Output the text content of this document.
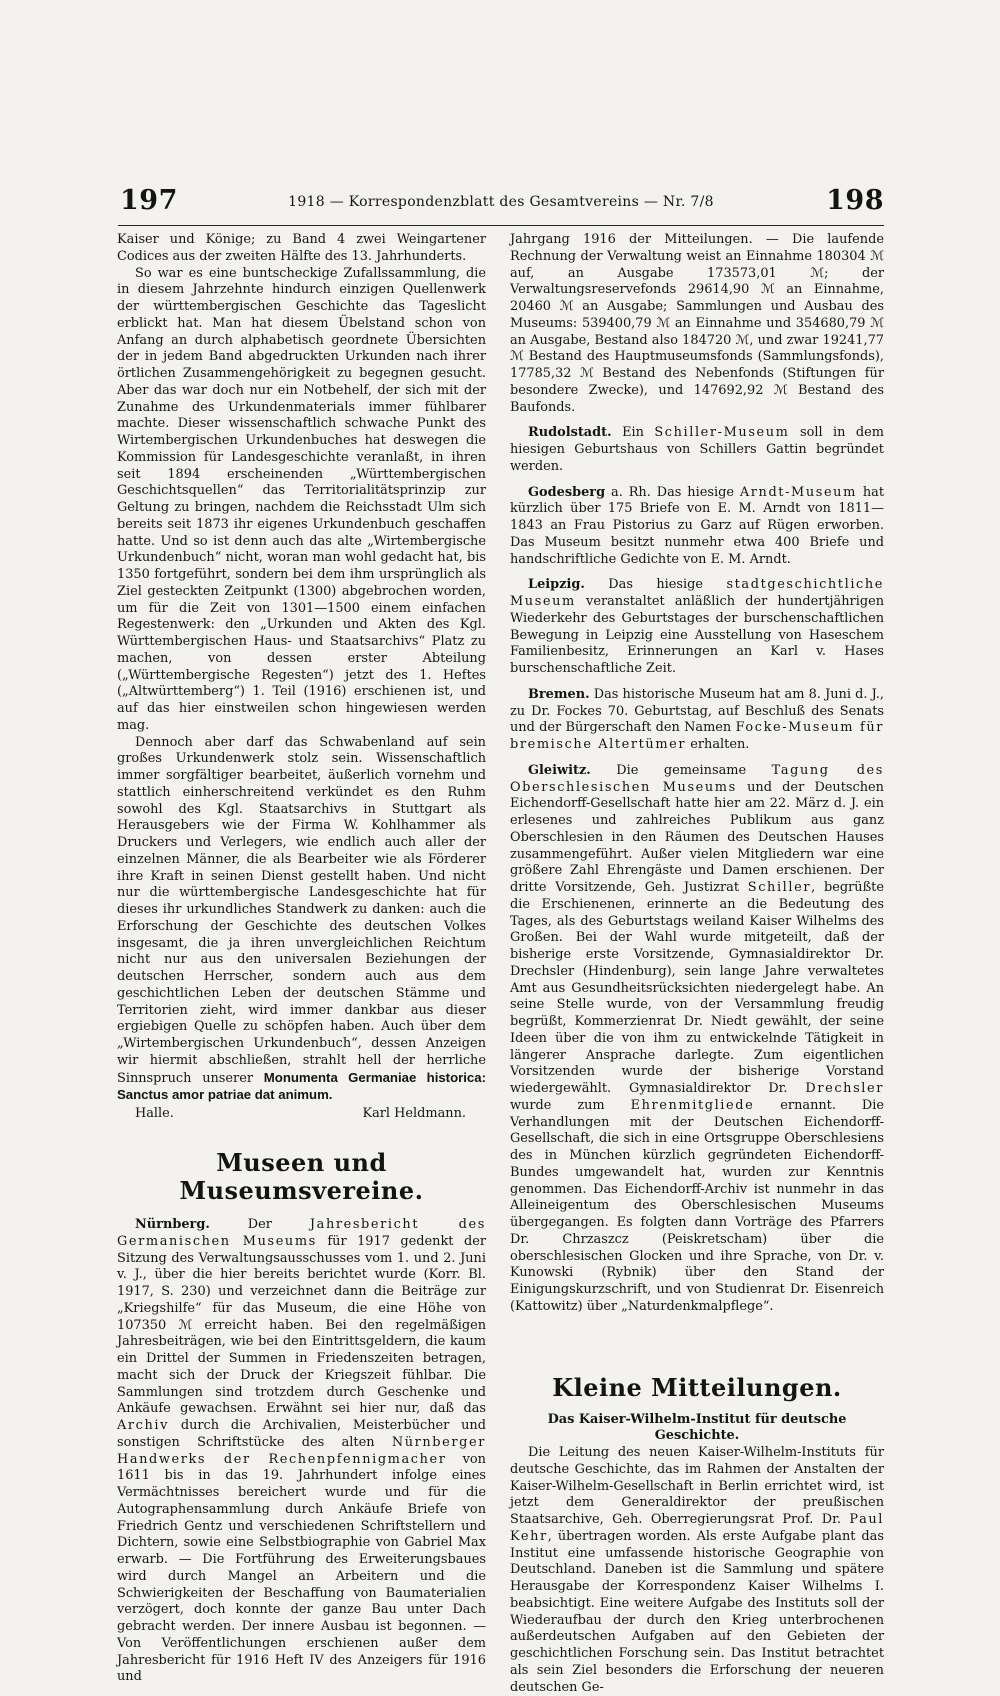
197	1918 — Korrespondenzblatt des Gesamtvereins — Nr. 7/8	198

Kaiser und Könige; zu Band 4 zwei Weingartener Codices aus der zweiten Hälfte des 13. Jahrhunderts.

So war es eine buntscheckige Zufallssammlung, die in diesem Jahrzehnte hindurch einzigen Quellenwerk der württembergischen Geschichte das Tageslicht erblickt hat. Man hat diesem Übelstand schon von Anfang an durch alphabetisch geordnete Übersichten der in jedem Band abgedruckten Urkunden nach ihrer örtlichen Zusammengehörigkeit zu begegnen gesucht. Aber das war doch nur ein Notbehelf, der sich mit der Zunahme des Urkundenmaterials immer fühlbarer machte. Dieser wissenschaftlich schwache Punkt des Wirtembergischen Urkundenbuches hat deswegen die Kommission für Landesgeschichte veranlaßt, in ihren seit 1894 erscheinenden „Württembergischen Geschichtsquellen“ das Territorialitätsprinzip zur Geltung zu bringen, nachdem die Reichsstadt Ulm sich bereits seit 1873 ihr eigenes Urkundenbuch geschaffen hatte. Und so ist denn auch das alte „Wirtembergische Urkundenbuch“ nicht, woran man wohl gedacht hat, bis 1350 fortgeführt, sondern bei dem ihm ursprünglich als Ziel gesteckten Zeitpunkt (1300) abgebrochen worden, um für die Zeit von 1301—1500 einem einfachen Regestenwerk: den „Urkunden und Akten des Kgl. Württembergischen Haus- und Staatsarchivs“ Platz zu machen, von dessen erster Abteilung („Württembergische Regesten“) jetzt des 1. Heftes („Altwürttemberg“) 1. Teil (1916) erschienen ist, und auf das hier einstweilen schon hingewiesen werden mag.

Dennoch aber darf das Schwabenland auf sein großes Urkundenwerk stolz sein. Wissenschaftlich immer sorgfältiger bearbeitet, äußerlich vornehm und stattlich einherschreitend verkündet es den Ruhm sowohl des Kgl. Staatsarchivs in Stuttgart als Herausgebers wie der Firma W. Kohlhammer als Druckers und Verlegers, wie endlich auch aller der einzelnen Männer, die als Bearbeiter wie als Förderer ihre Kraft in seinen Dienst gestellt haben. Und nicht nur die württembergische Landesgeschichte hat für dieses ihr urkundliches Standwerk zu danken: auch die Erforschung der Geschichte des deutschen Volkes insgesamt, die ja ihren unvergleichlichen Reichtum nicht nur aus den universalen Beziehungen der deutschen Herrscher, sondern auch aus dem geschichtlichen Leben der deutschen Stämme und Territorien zieht, wird immer dankbar aus dieser ergiebigen Quelle zu schöpfen haben. Auch über dem „Wirtembergischen Urkundenbuch“, dessen Anzeigen wir hiermit abschließen, strahlt hell der herrliche Sinnspruch unserer Monumenta Germaniae historica: Sanctus amor patriae dat animum.

Halle.	Karl Heldmann.
Museen und Museumsvereine.

Nürnberg. Der Jahresbericht des Germanischen Museums für 1917 gedenkt der Sitzung des Verwaltungsausschusses vom 1. und 2. Juni v. J., über die hier bereits berichtet wurde (Korr. Bl. 1917, S. 230) und verzeichnet dann die Beiträge zur „Kriegshilfe“ für das Museum, die eine Höhe von 107350 ℳ erreicht haben. Bei den regelmäßigen Jahresbeiträgen, wie bei den Eintrittsgeldern, die kaum ein Drittel der Summen in Friedenszeiten betragen, macht sich der Druck der Kriegszeit fühlbar. Die Sammlungen sind trotzdem durch Geschenke und Ankäufe gewachsen. Erwähnt sei hier nur, daß das Archiv durch die Archivalien, Meisterbücher und sonstigen Schriftstücke des alten Nürnberger Handwerks der Rechenpfennigmacher von 1611 bis in das 19. Jahrhundert infolge eines Vermächtnisses bereichert wurde und für die Autographensammlung durch Ankäufe Briefe von Friedrich Gentz und verschiedenen Schriftstellern und Dichtern, sowie eine Selbstbiographie von Gabriel Max erwarb. — Die Fortführung des Erweiterungsbaues wird durch Mangel an Arbeitern und die Schwierigkeiten der Beschaffung von Baumaterialien verzögert, doch konnte der ganze Bau unter Dach gebracht werden. Der innere Ausbau ist begonnen. — Von Veröffentlichungen erschienen außer dem Jahresbericht für 1916 Heft IV des Anzeigers für 1916 und

Jahrgang 1916 der Mitteilungen. — Die laufende Rechnung der Verwaltung weist an Einnahme 180304 ℳ auf, an Ausgabe 173573,01 ℳ; der Verwaltungsreservefonds 29614,90 ℳ an Einnahme, 20460 ℳ an Ausgabe; Sammlungen und Ausbau des Museums: 539400,79 ℳ an Einnahme und 354680,79 ℳ an Ausgabe, Bestand also 184720 ℳ, und zwar 19241,77 ℳ Bestand des Hauptmuseumsfonds (Sammlungsfonds), 17785,32 ℳ Bestand des Nebenfonds (Stiftungen für besondere Zwecke), und 147692,92 ℳ Bestand des Baufonds.

Rudolstadt. Ein Schiller-Museum soll in dem hiesigen Geburtshaus von Schillers Gattin begründet werden.

Godesberg a. Rh. Das hiesige Arndt-Museum hat kürzlich über 175 Briefe von E. M. Arndt von 1811—1843 an Frau Pistorius zu Garz auf Rügen erworben. Das Museum besitzt nunmehr etwa 400 Briefe und handschriftliche Gedichte von E. M. Arndt.

Leipzig. Das hiesige stadtgeschichtliche Museum veranstaltet anläßlich der hundertjährigen Wiederkehr des Geburtstages der burschenschaftlichen Bewegung in Leipzig eine Ausstellung von Haseschem Familienbesitz, Erinnerungen an Karl v. Hases burschenschaftliche Zeit.

Bremen. Das historische Museum hat am 8. Juni d. J., zu Dr. Fockes 70. Geburtstag, auf Beschluß des Senats und der Bürgerschaft den Namen Focke-Museum für bremische Altertümer erhalten.

Gleiwitz. Die gemeinsame Tagung des Oberschlesischen Museums und der Deutschen Eichendorff-Gesellschaft hatte hier am 22. März d. J. ein erlesenes und zahlreiches Publikum aus ganz Oberschlesien in den Räumen des Deutschen Hauses zusammengeführt. Außer vielen Mitgliedern war eine größere Zahl Ehrengäste und Damen erschienen. Der dritte Vorsitzende, Geh. Justizrat Schiller, begrüßte die Erschienenen, erinnerte an die Bedeutung des Tages, als des Geburtstags weiland Kaiser Wilhelms des Großen. Bei der Wahl wurde mitgeteilt, daß der bisherige erste Vorsitzende, Gymnasialdirektor Dr. Drechsler (Hindenburg), sein lange Jahre verwaltetes Amt aus Gesundheitsrücksichten niedergelegt habe. An seine Stelle wurde, von der Versammlung freudig begrüßt, Kommerzienrat Dr. Niedt gewählt, der seine Ideen über die von ihm zu entwickelnde Tätigkeit in längerer Ansprache darlegte. Zum eigentlichen Vorsitzenden wurde der bisherige Vorstand wiedergewählt. Gymnasialdirektor Dr. Drechsler wurde zum Ehrenmitgliede ernannt. Die Verhandlungen mit der Deutschen Eichendorff-Gesellschaft, die sich in eine Ortsgruppe Oberschlesiens des in München kürzlich gegründeten Eichendorff-Bundes umgewandelt hat, wurden zur Kenntnis genommen. Das Eichendorff-Archiv ist nunmehr in das Alleineigentum des Oberschlesischen Museums übergegangen. Es folgten dann Vorträge des Pfarrers Dr. Chrzaszcz (Peiskretscham) über die oberschlesischen Glocken und ihre Sprache, von Dr. v. Kunowski (Rybnik) über den Stand der Einigungskurzschrift, und von Studienrat Dr. Eisenreich (Kattowitz) über „Naturdenkmalpflege“.

Kleine Mitteilungen.

Das Kaiser-Wilhelm-Institut für deutsche Geschichte.

Die Leitung des neuen Kaiser-Wilhelm-Instituts für deutsche Geschichte, das im Rahmen der Anstalten der Kaiser-Wilhelm-Gesellschaft in Berlin errichtet wird, ist jetzt dem Generaldirektor der preußischen Staatsarchive, Geh. Oberregierungsrat Prof. Dr. Paul Kehr, übertragen worden. Als erste Aufgabe plant das Institut eine umfassende historische Geographie von Deutschland. Daneben ist die Sammlung und spätere Herausgabe der Korrespondenz Kaiser Wilhelms I. beabsichtigt. Eine weitere Aufgabe des Instituts soll der Wiederaufbau der durch den Krieg unterbrochenen außerdeutschen Aufgaben auf den Gebieten der geschichtlichen Forschung sein. Das Institut betrachtet als sein Ziel besonders die Erforschung der neueren deutschen Ge-
